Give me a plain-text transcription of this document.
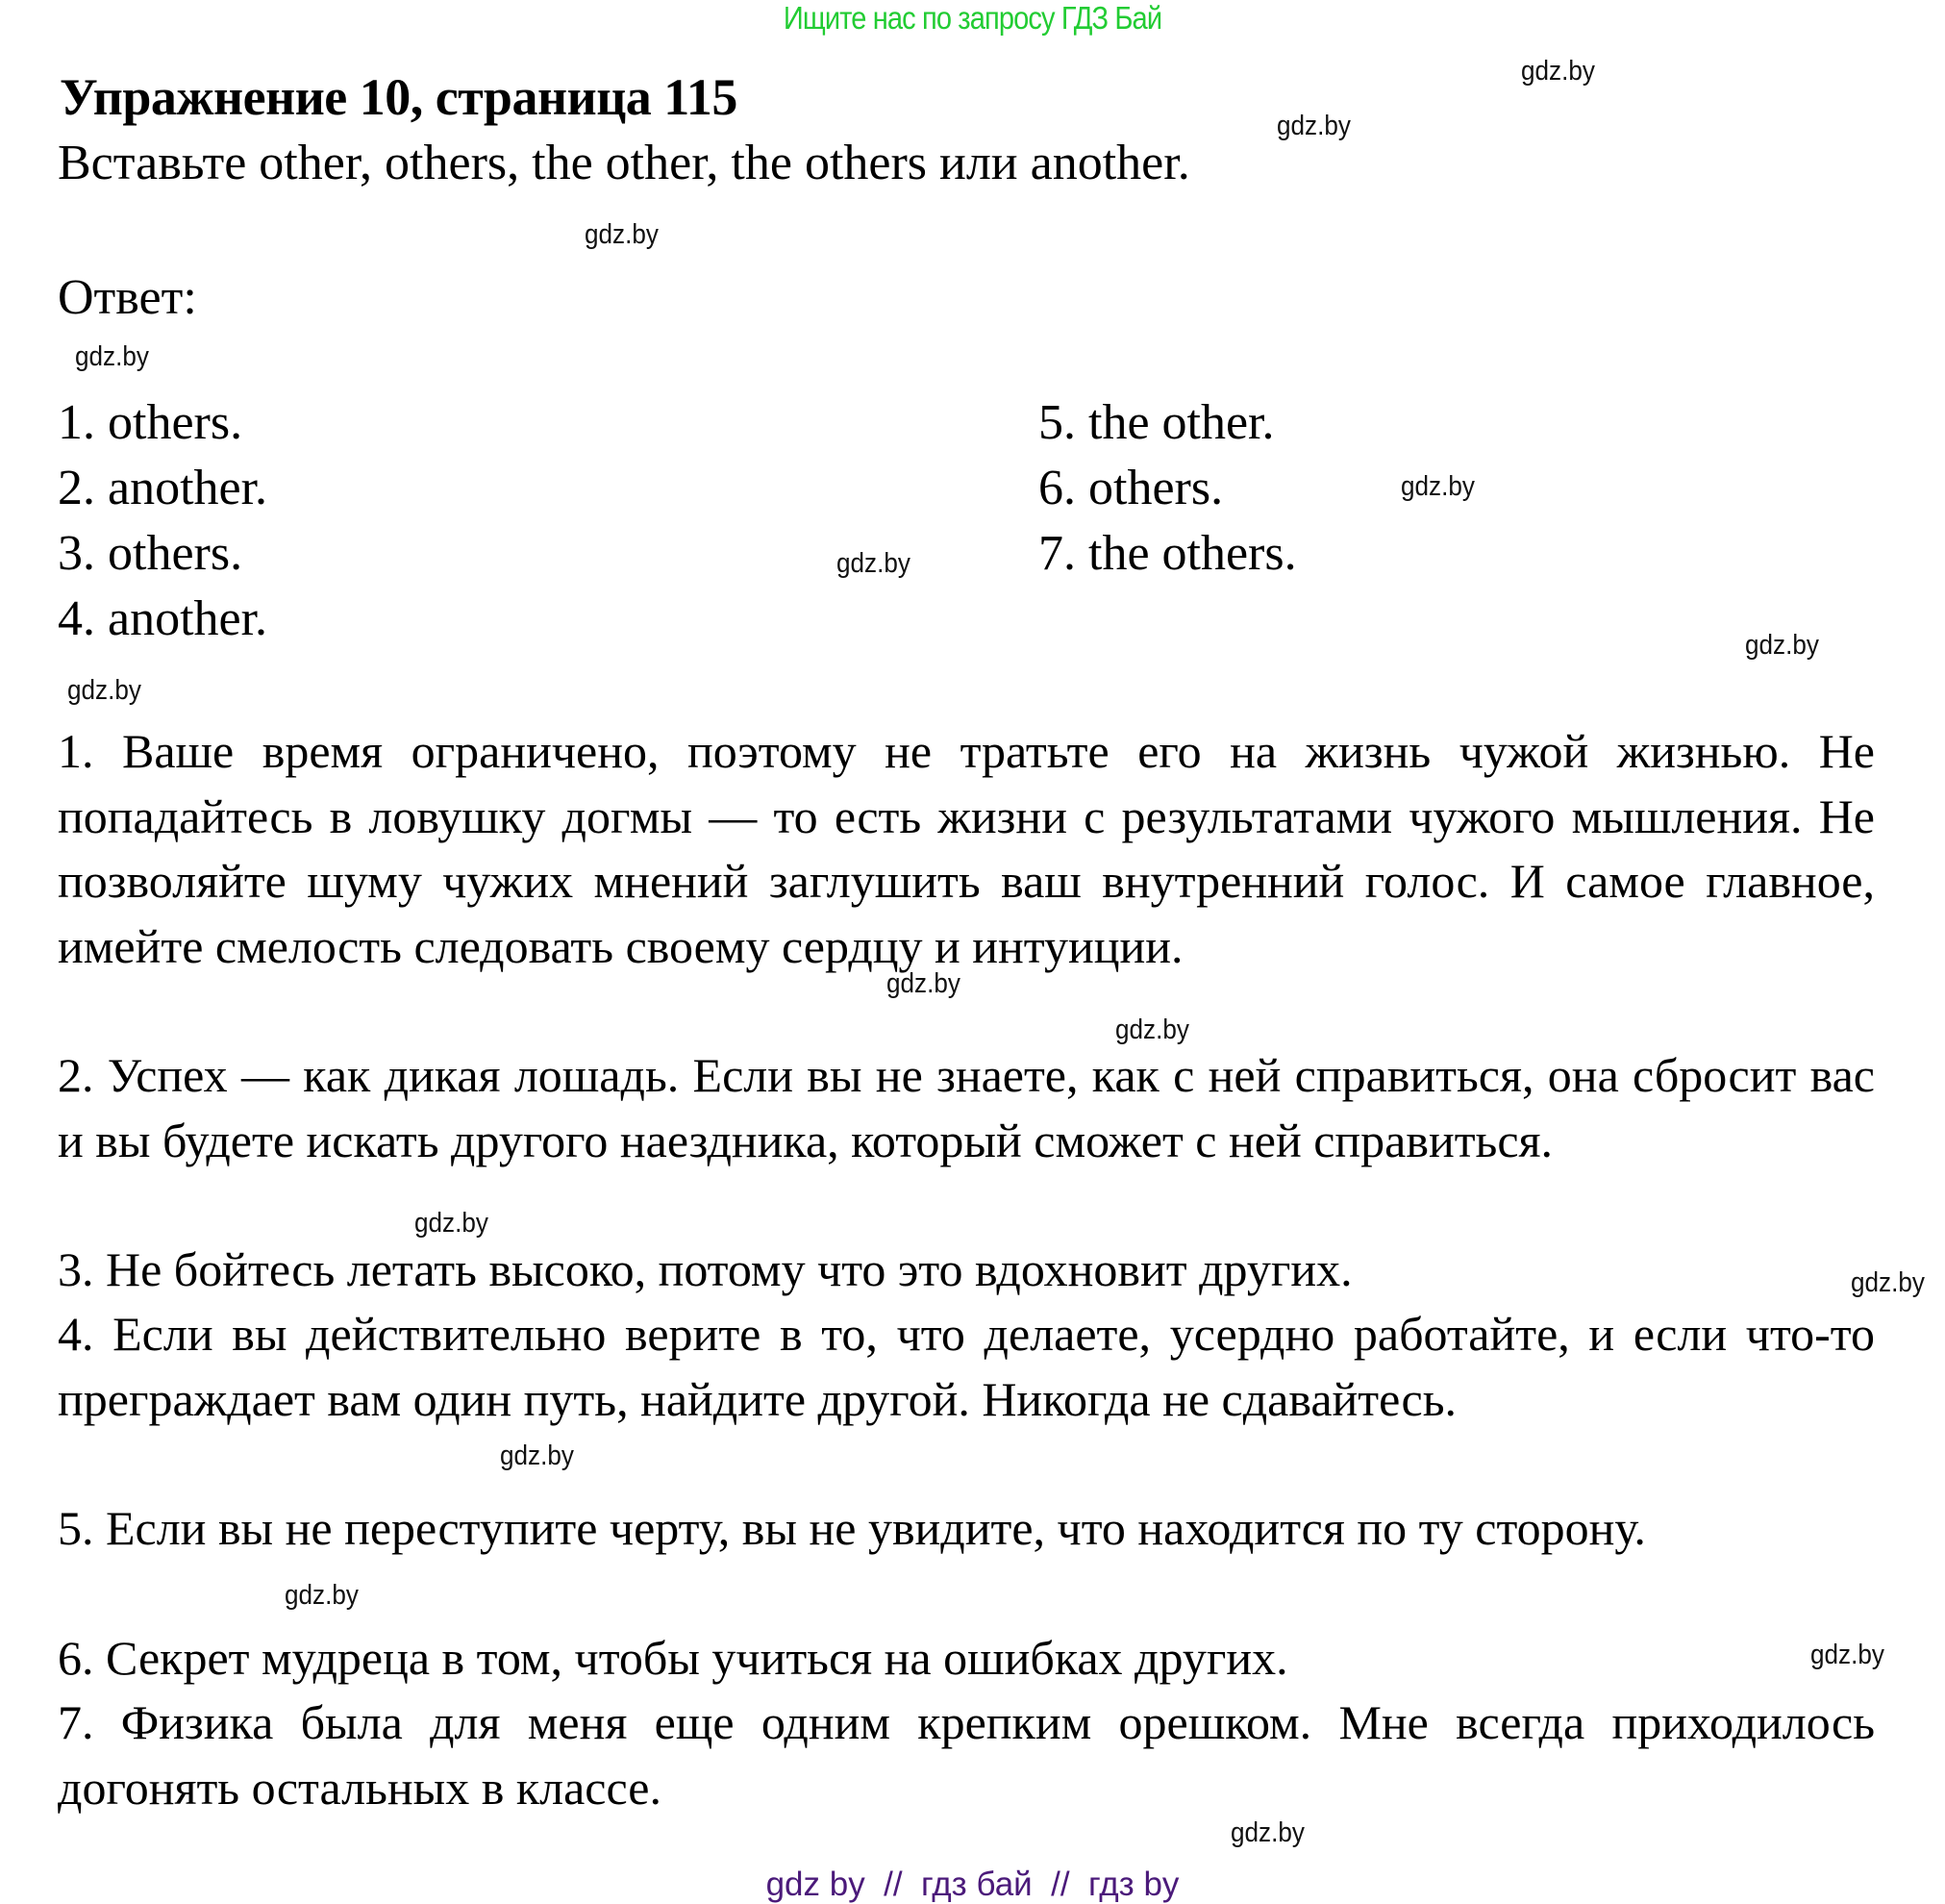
Ищите нас по запросу ГДЗ Бай
Упражнение 10, страница 115
Вставьте other, others, the other, the others или another.
Ответ:
1. others.
2. another.
3. others.
4. another.
5. the other.
6. others.
7. the others.
1. Ваше время ограничено, поэтому не тратьте его на жизнь чужой жизнью. Не попадайтесь в ловушку догмы — то есть жизни с результатами чужого мышления. Не позволяйте шуму чужих мнений заглушить ваш внутренний голос. И самое главное, имейте смелость следовать своему сердцу и интуиции.
2. Успех — как дикая лошадь. Если вы не знаете, как с ней справиться, она сбросит вас и вы будете искать другого наездника, который сможет с ней справиться.
3. Не бойтесь летать высоко, потому что это вдохновит других.
4. Если вы действительно верите в то, что делаете, усердно работайте, и если что-то преграждает вам один путь, найдите другой. Никогда не сдавайтесь.
5. Если вы не переступите черту, вы не увидите, что находится по ту сторону.
6. Секрет мудреца в том, чтобы учиться на ошибках других.
7. Физика была для меня еще одним крепким орешком. Мне всегда приходилось догонять остальных в классе.
gdz.by
gdz.by
gdz.by
gdz.by
gdz.by
gdz.by
gdz.by
gdz.by
gdz.by
gdz.by
gdz.by
gdz.by
gdz.by
gdz.by
gdz.by
gdz.by
gdz by  //  гдз бай  //  гдз by
